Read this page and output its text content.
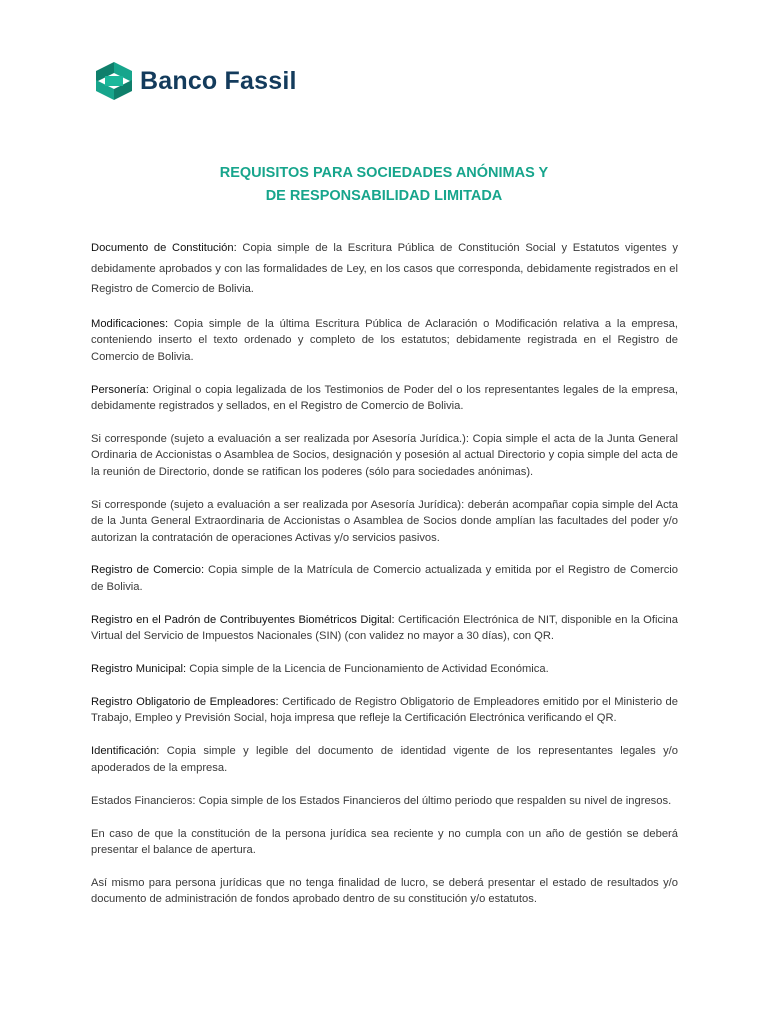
Banco Fassil
REQUISITOS PARA SOCIEDADES ANÓNIMAS Y
DE RESPONSABILIDAD LIMITADA

Documento de Constitución: Copia simple de la Escritura Pública de Constitución Social y Estatutos vigentes y debidamente aprobados y con las formalidades de Ley, en los casos que corresponda, debidamente registrados en el Registro de Comercio de Bolivia.

Modificaciones: Copia simple de la última Escritura Pública de Aclaración o Modificación relativa a la empresa, conteniendo inserto el texto ordenado y completo de los estatutos; debidamente registrada en el Registro de Comercio de Bolivia.

Personería: Original o copia legalizada de los Testimonios de Poder del o los representantes legales de la empresa, debidamente registrados y sellados, en el Registro de Comercio de Bolivia.

Si corresponde (sujeto a evaluación a ser realizada por Asesoría Jurídica.): Copia simple el acta de la Junta General Ordinaria de Accionistas o Asamblea de Socios, designación y posesión al actual Directorio y copia simple del acta de la reunión de Directorio, donde se ratifican los poderes (sólo para sociedades anónimas).

Si corresponde (sujeto a evaluación a ser realizada por Asesoría Jurídica): deberán acompañar copia simple del Acta de la Junta General Extraordinaria de Accionistas o Asamblea de Socios donde amplían las facultades del poder y/o autorizan la contratación de operaciones Activas y/o servicios pasivos.

Registro de Comercio: Copia simple de la Matrícula de Comercio actualizada y emitida por el Registro de Comercio de Bolivia.

Registro en el Padrón de Contribuyentes Biométricos Digital: Certificación Electrónica de NIT, disponible en la Oficina Virtual del Servicio de Impuestos Nacionales (SIN) (con validez no mayor a 30 días), con QR.

Registro Municipal: Copia simple de la Licencia de Funcionamiento de Actividad Económica.

Registro Obligatorio de Empleadores: Certificado de Registro Obligatorio de Empleadores emitido por el Ministerio de Trabajo, Empleo y Previsión Social, hoja impresa que refleje la Certificación Electrónica verificando el QR.

Identificación: Copia simple y legible del documento de identidad vigente de los representantes legales y/o apoderados de la empresa.

Estados Financieros: Copia simple de los Estados Financieros del último periodo que respalden su nivel de ingresos.

En caso de que la constitución de la persona jurídica sea reciente y no cumpla con un año de gestión se deberá presentar el balance de apertura.

Así mismo para persona jurídicas que no tenga finalidad de lucro, se deberá presentar el estado de resultados y/o documento de administración de fondos aprobado dentro de su constitución y/o estatutos.
